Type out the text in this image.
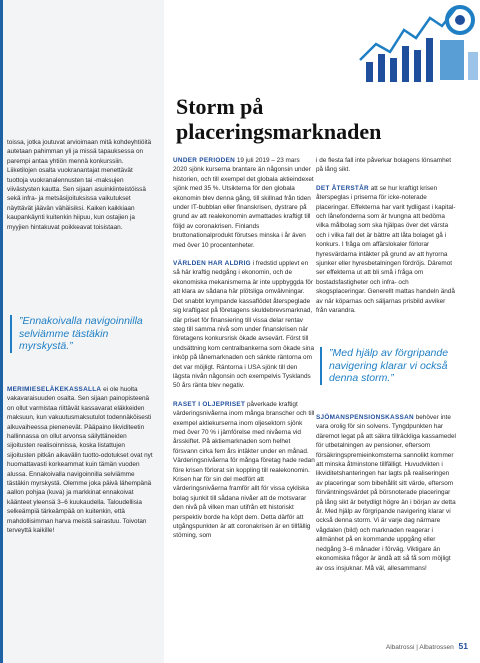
Storm på placeringsmarknaden

toissa, jotka joutuvat arvioimaan mitä kohdeyhtiöitä autetaan pahimman yli ja missä tapauksessa on parempi antaa yhtiön mennä konkurssiin. Liiketilojen osalta vuokranantajat menettävät tuottoja vuokranalennusten tai -maksujen viivästysten kautta. Sen sijaan asuinkiinteistöissä sekä infra- ja metsäsijoituksissa vaikutukset näyttävät jäävän vähäisiksi. Kaiken kaikkiaan kaupankäynti kuitenkin hiipuu, kun ostajien ja myyjien hintakuvat poikkeavat toisistaan.

”Ennakoivalla navigoinnilla selviämme tästäkin myrskystä.”

MERIMIESELÄKEKASSALLA ei ole huolta vakavaraisuuden osalta. Sen sijaan painopisteenä on ollut varmistaa riittävät kassavarat eläkkeiden maksuun, kun vakuutusmaksutulot todennäköisesti alkuvaiheessa pienenevät. Pääpaino likviditeetin hallinnassa on ollut arvonsa säilyttäneiden sijoitusten realisoinnissa, koska listattujen sijoitusten pitkän aikavälin tuotto-odotukset ovat nyt huomattavasti korkeammat kuin tämän vuoden alussa. Ennakoivalla navigoinnilla selviämme tästäkin myrskystä. Olemme joka päivä lähempänä aallon pohjaa (kuva) ja markkinat ennakoivat käänteet yleensä 3–6 kuukaudella. Taloudellisia selkeämpiä tärkeämpää on kuitenkin, että mahdollisimman harva meistä sairastuu. Toivotan terveyttä kaikille!

UNDER PERIODEN 19 juli 2019 – 23 mars 2020 sjönk kurserna brantare än någonsin under historien, och till exempel det globala aktieindexet sjönk med 35 %. Utsikterna för den globala ekonomin blev denna gång, till skillnad från tiden under IT-bubblan eller finanskrisen, dystrare på grund av att realekonomin avmattades kraftigt till följd av coronakrisen. Finlands bruttonationalprodukt förutses minska i år även med över 10 procentenheter.

VÄRLDEN HAR ALDRIG i fredstid upplevt en så här kraftig nedgång i ekonomin, och de ekonomiska mekanismerna är inte uppbyggda för att klara av sådana här plötsliga omvälvningar. Det snabbt krympande kassaflödet återspeglade sig kraftigast på företagens skuldebrevsmarknad, där priset för finansiering till vissa delar rentav steg till samma nivå som under finanskrisen när företagens konkursrisk ökade avsevärt. Först till undsättning kom centralbankerna som ökade sina inköp på lånemarknaden och sänkte räntorna om det var möjligt. Räntorna i USA sjönk till den lägsta nivån någonsin och exempelvis Tysklands 50 års ränta blev negativ.

RASET I OLJEPRISET påverkade kraftigt värderingsnivåerna inom många branscher och till exempel aktiekurserna inom oljesektorn sjönk med över 70 % i jämförelse med nivåerna vid årsskiftet. På aktiemarknaden som helhet försvann cirka fem års intäkter under en månad. Värderingsnivåerna för många företag hade redan före krisen förlorat sin koppling till realekonomin. Krisen har för sin del medfört att värderingsnivåerna framför allt för vissa cykliska bolag sjunkit till sådana nivåer att de motsvarar den nivå på vilken man utifrån ett historiskt perspektiv borde ha köpt dem. Detta därför att utgångspunkten är att coronakrisen är en tillfällig störning, som

i de flesta fall inte påverkar bolagens lönsamhet på lång sikt.

DET ÅTERSTÅR att se hur kraftigt krisen återspeglas i priserna för icke-noterade placeringar. Effekterna har varit tydligast i kapital- och lånefonderna som är tvungna att bedöma vilka målbolag som ska hjälpas över det värsta och i vilka fall det är bättre att låta bolaget gå i konkurs. I fråga om affärslokaler förlorar hyresvärdarna intäkter på grund av att hyrorna sjunker eller hyresbetalningen fördröjs. Däremot ser effekterna ut att bli små i fråga om bostadsfastigheter och infra- och skogsplaceringar. Generellt mattas handeln ändå av när köparnas och säljarnas prisbild avviker från varandra.

”Med hjälp av förgripande navigering klarar vi också denna storm.”

SJÖMANSPENSIONSKASSAN behöver inte vara orolig för sin solvens. Tyngdpunkten har däremot legat på att säkra tillräckliga kassamedel för utbetalningen av pensioner, eftersom försäkringspremieinkomsterna sannolikt kommer att minska åtminstone tillfälligt. Huvudvikten i likviditetshanteringen har lagts på realiseringen av placeringar som bibehållit sitt värde, eftersom förväntningsvärdet på börsnoterade placeringar på lång sikt är betydligt högre än i början av detta år. Med hjälp av förgripande navigering klarar vi också denna storm. Vi är varje dag närmare vågdalen (bild) och marknaden reagerar i allmänhet på en kommande uppgång eller nedgång 3–6 månader i förväg. Viktigare än ekonomiska frågor är ändå att så få som möjligt av oss insjuknar. Må väl, allesammans!

Albatrossi | Albatrossen 51
